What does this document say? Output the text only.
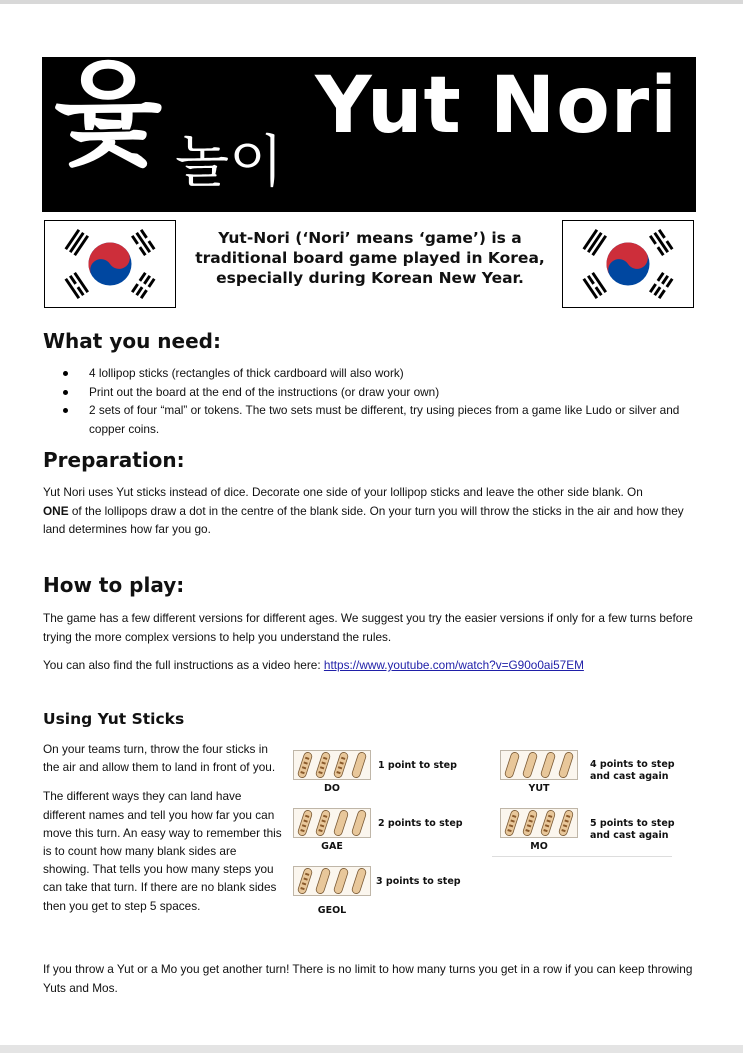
윷 놀이
Yut Nori
Yut-Nori (‘Nori’ means ‘game’) is a
traditional board game played in Korea,
especially during Korean New Year.
What you need:
4 lollipop sticks (rectangles of thick cardboard will also work)
Print out the board at the end of the instructions (or draw your own)
2 sets of four “mal” or tokens. The two sets must be different, try using pieces from a game like Ludo or silver and copper coins.
Preparation:

Yut Nori uses Yut sticks instead of dice. Decorate one side of your lollipop sticks and leave the other side blank. On
ONE of the lollipops draw a dot in the centre of the blank side. On your turn you will throw the sticks in the air and how they land determines how far you go.

How to play:

The game has a few different versions for different ages. We suggest you try the easier versions if only for a few turns before trying the more complex versions to help you understand the rules.

You can also find the full instructions as a video here: https://www.youtube.com/watch?v=G90o0ai57EM

Using Yut Sticks

On your teams turn, throw the four sticks in the air and allow them to land in front of you.

The different ways they can land have different names and tell you how far you can move this turn. An easy way to remember this is to count how many blank sides are showing. That tells you how many steps you can take that turn. If there are no blank sides then you get to step 5 spaces.

DO
1 point to step
GAE
2 points to step
GEOL
3 points to step
YUT
4 points to step
and cast again
MO
5 points to step
and cast again

If you throw a Yut or a Mo you get another turn! There is no limit to how many turns you get in a row if you can keep throwing Yuts and Mos.
